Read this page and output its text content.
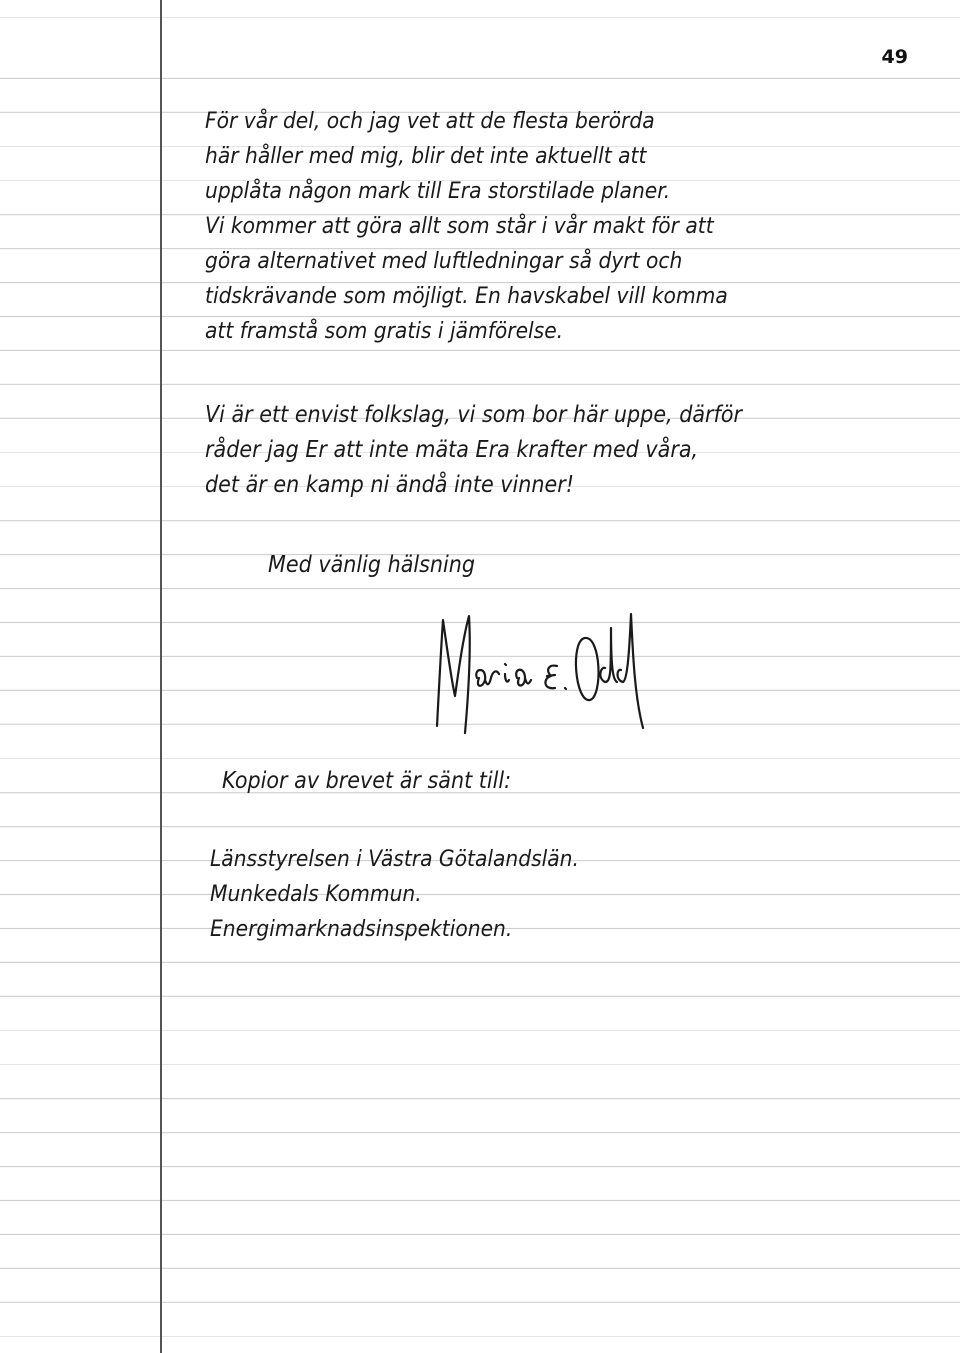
49
För vår del, och jag vet att de flesta berörda
här håller med mig, blir det inte aktuellt att
upplåta någon mark till Era storstilade planer.
Vi kommer att göra allt som står i vår makt för att
göra alternativet med luftledningar så dyrt och
tidskrävande som möjligt. En havskabel vill komma
att framstå som gratis i jämförelse.
Vi är ett envist folkslag, vi som bor här uppe, därför
råder jag Er att inte mäta Era krafter med våra,
det är en kamp ni ändå inte vinner!
Med vänlig hälsning
Kopior av brevet är sänt till:
Länsstyrelsen i Västra Götalandslän.
Munkedals Kommun.
Energimarknadsinspektionen.
